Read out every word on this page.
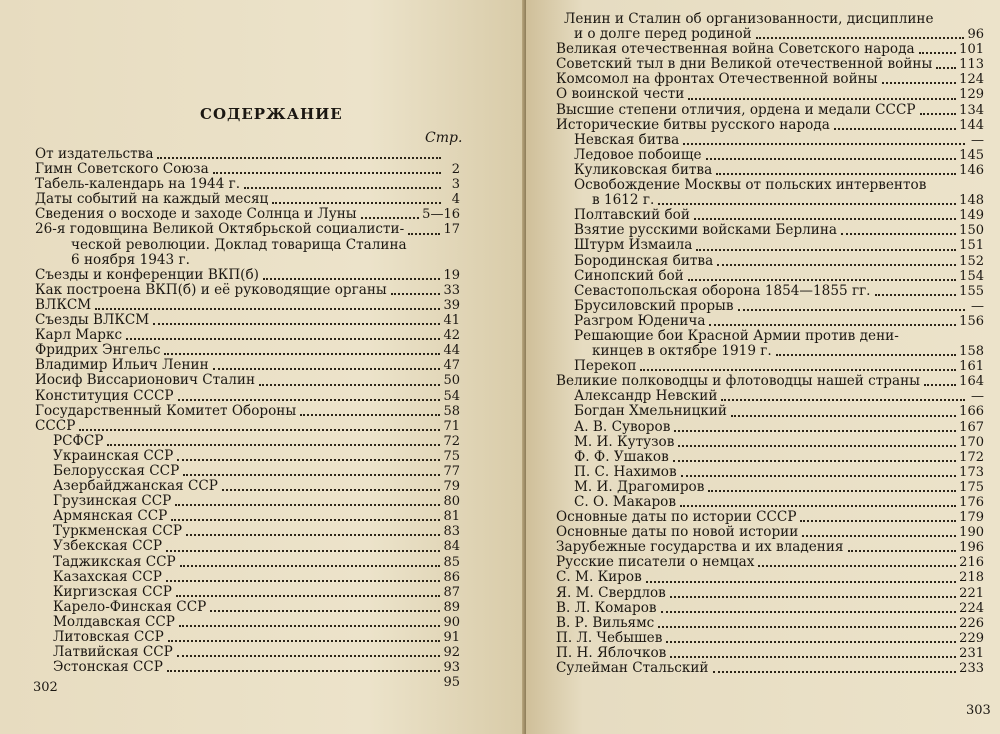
СОДЕРЖАНИЕ
Стр.
От издательства
Гимн Советского Союза	2
Табель-календарь на 1944 г.	3
Даты событий на каждый месяц	4
Сведения о восходе и заходе Солнца и Луны	5—16
26-я годовщина Великой Октябрьской социалисти-	17
ческой революции. Доклад товарища Сталина
6 ноября 1943 г.
Съезды и конференции ВКП(б)	19
Как построена ВКП(б) и её руководящие органы	33
ВЛКСМ	39
Съезды ВЛКСМ	41
Карл Маркс	42
Фридрих Энгельс	44
Владимир Ильич Ленин	47
Иосиф Виссарионович Сталин	50
Конституция СССР	54
Государственный Комитет Обороны	58
СССР	71
РСФСР	72
Украинская ССР	75
Белорусская ССР	77
Азербайджанская ССР	79
Грузинская ССР	80
Армянская ССР	81
Туркменская ССР	83
Узбекская ССР	84
Таджикская ССР	85
Казахская ССР	86
Киргизская ССР	87
Карело-Финская ССР	89
Молдавская ССР	90
Литовская ССР	91
Латвийская ССР	92
Эстонская ССР	93
95
302
Ленин и Сталин об организованности, дисциплине
и о долге перед родиной	96
Великая отечественная война Советского народа	101
Советский тыл в дни Великой отечественной войны 113
Комсомол на фронтах Отечественной войны	124
О воинской чести	129
Высшие степени отличия, ордена и медали СССР	134
Исторические битвы русского народа	144
Невская битва	—
Ледовое побоище	145
Куликовская битва	146
Освобождение Москвы от польских интервентов
в 1612 г.	148
Полтавский бой	149
Взятие русскими войсками Берлина	150
Штурм Измаила	151
Бородинская битва	152
Синопский бой	154
Севастопольская оборона 1854—1855 гг.	155
Брусиловский прорыв	—
Разгром Юденича	156
Решающие бои Красной Армии против дени-
кинцев в октябре 1919 г.	158
Перекоп	161
Великие полководцы и флотоводцы нашей страны	164
Александр Невский	—
Богдан Хмельницкий	166
А. В. Суворов	167
М. И. Кутузов	170
Ф. Ф. Ушаков	172
П. С. Нахимов	173
М. И. Драгомиров	175
С. О. Макаров	176
Основные даты по истории СССР	179
Основные даты по новой истории	190
Зарубежные государства и их владения	196
Русские писатели о немцах	216
С. М. Киров	218
Я. М. Свердлов	221
В. Л. Комаров	224
В. Р. Вильямс	226
П. Л. Чебышев	229
П. Н. Яблочков	231
Сулейман Стальский	233
303
